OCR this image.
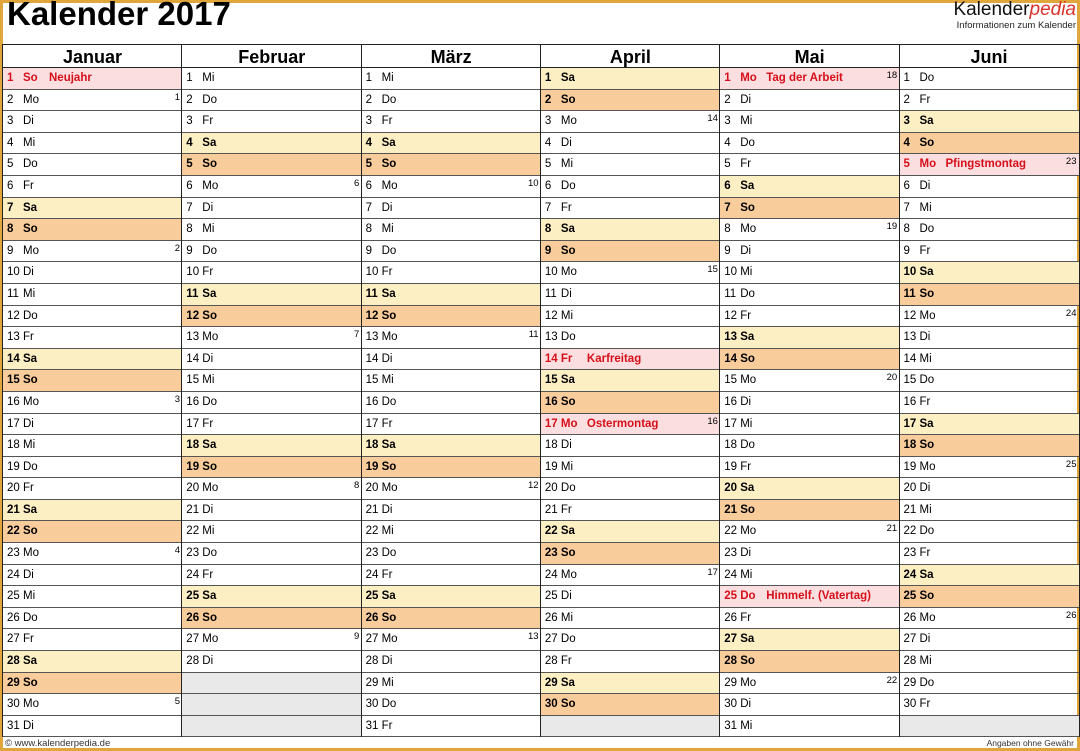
Kalender 2017	Kalenderpedia
Informationen zum Kalender
Januar
1 So Neujahr
2 Mo	1
3 Di
4 Mi
5 Do
6 Fr
7 Sa
8 So
9 Mo	2
10 Di
11 Mi
12 Do
13 Fr
14 Sa
15 So
16 Mo	3
17 Di
18 Mi
19 Do
20 Fr
21 Sa
22 So
23 Mo	4
24 Di
25 Mi
26 Do
27 Fr
28 Sa
29 So
30 Mo	5
31 Di
Februar
1 Mi
2 Do
3 Fr
4 Sa
5 So
6 Mo	6
7 Di
8 Mi
9 Do
10 Fr
11 Sa
12 So
13 Mo	7
14 Di
15 Mi
16 Do
17 Fr
18 Sa
19 So
20 Mo	8
21 Di
22 Mi
23 Do
24 Fr
25 Sa
26 So
27 Mo	9
28 Di
März
1 Mi
2 Do
3 Fr
4 Sa
5 So
6 Mo	10
7 Di
8 Mi
9 Do
10 Fr
11 Sa
12 So
13 Mo	11
14 Di
15 Mi
16 Do
17 Fr
18 Sa
19 So
20 Mo	12
21 Di
22 Mi
23 Do
24 Fr
25 Sa
26 So
27 Mo	13
28 Di
29 Mi
30 Do
31 Fr
April
1 Sa
2 So
3 Mo	14
4 Di
5 Mi
6 Do
7 Fr
8 Sa
9 So
10 Mo	15
11 Di
12 Mi
13 Do
14 Fr Karfreitag
15 Sa
16 So
17 Mo Ostermontag	16
18 Di
19 Mi
20 Do
21 Fr
22 Sa
23 So
24 Mo	17
25 Di
26 Mi
27 Do
28 Fr
29 Sa
30 So
Mai
1 Mo Tag der Arbeit	18
2 Di
3 Mi
4 Do
5 Fr
6 Sa
7 So
8 Mo	19
9 Di
10 Mi
11 Do
12 Fr
13 Sa
14 So
15 Mo	20
16 Di
17 Mi
18 Do
19 Fr
20 Sa
21 So
22 Mo	21
23 Di
24 Mi
25 Do Himmelf. (Vatertag)
26 Fr
27 Sa
28 So
29 Mo	22
30 Di
31 Mi
Juni
1 Do
2 Fr
3 Sa
4 So
5 Mo Pfingstmontag	23
6 Di
7 Mi
8 Do
9 Fr
10 Sa
11 So
12 Mo	24
13 Di
14 Mi
15 Do
16 Fr
17 Sa
18 So
19 Mo	25
20 Di
21 Mi
22 Do
23 Fr
24 Sa
25 So
26 Mo	26
27 Di
28 Mi
29 Do
30 Fr
© www.kalenderpedia.de	Angaben ohne Gewähr
